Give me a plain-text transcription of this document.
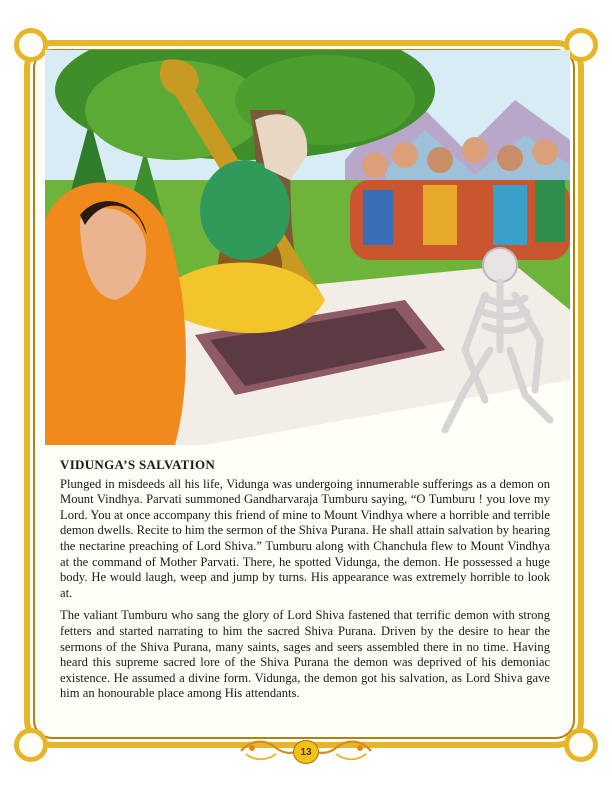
VIDUNGA’S SALVATION

Plunged in misdeeds all his life, Vidunga was undergoing innumerable sufferings as a demon on Mount Vindhya. Parvati summoned Gandharvaraja Tumburu saying, “O Tumburu ! you love my Lord. You at once accompany this friend of mine to Mount Vindhya where a horrible and terrible demon dwells. Recite to him the sermon of the Shiva Purana. He shall attain salvation by hearing the nectarine preaching of Lord Shiva.” Tumburu along with Chanchula flew to Mount Vindhya at the command of Mother Parvati. There, he spotted Vidunga, the demon. He possessed a huge body. He would laugh, weep and jump by turns. His appearance was extremely horrible to look at.

The valiant Tumburu who sang the glory of Lord Shiva fastened that terrific demon with strong fetters and started narrating to him the sacred Shiva Purana. Driven by the desire to hear the sermons of the Shiva Purana, many saints, sages and seers assembled there in no time. Having heard this supreme sacred lore of the Shiva Purana the demon was deprived of his demoniac existence. He assumed a divine form. Vidunga, the demon got his salvation, as Lord Shiva gave him an honourable place among His attendants.

13
